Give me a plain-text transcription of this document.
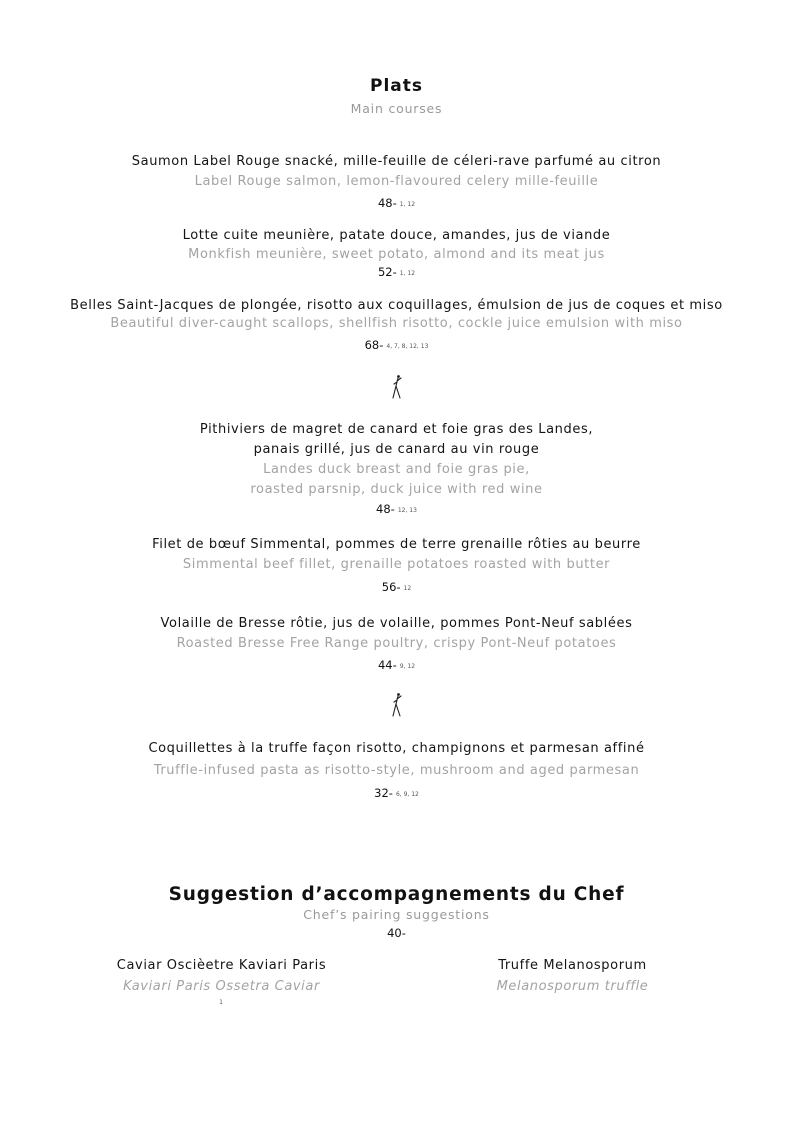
Plats
Main courses
Saumon Label Rouge snacké, mille-feuille de céleri-rave parfumé au citron
Label Rouge salmon, lemon-flavoured celery mille-feuille
48- 1, 12
Lotte cuite meunière, patate douce, amandes, jus de viande
Monkfish meunière, sweet potato, almond and its meat jus
52- 1, 12
Belles Saint-Jacques de plongée, risotto aux coquillages, émulsion de jus de coques et miso
Beautiful diver-caught scallops, shellfish risotto, cockle juice emulsion with miso
68- 4, 7, 8, 12, 13
Pithiviers de magret de canard et foie gras des Landes,
panais grillé, jus de canard au vin rouge
Landes duck breast and foie gras pie,
roasted parsnip, duck juice with red wine
48- 12, 13
Filet de bœuf Simmental, pommes de terre grenaille rôties au beurre
Simmental beef fillet, grenaille potatoes roasted with butter
56- 12
Volaille de Bresse rôtie, jus de volaille, pommes Pont-Neuf sablées
Roasted Bresse Free Range poultry, crispy Pont-Neuf potatoes
44- 9, 12
Coquillettes à la truffe façon risotto, champignons et parmesan affiné
Truffle-infused pasta as risotto-style, mushroom and aged parmesan
32- 6, 9, 12
Suggestion d’accompagnements du Chef
Chef’s pairing suggestions
40-
Caviar Oscièetre Kaviari Paris
Kaviari Paris Ossetra Caviar
1
Truffe Melanosporum
Melanosporum truffle
